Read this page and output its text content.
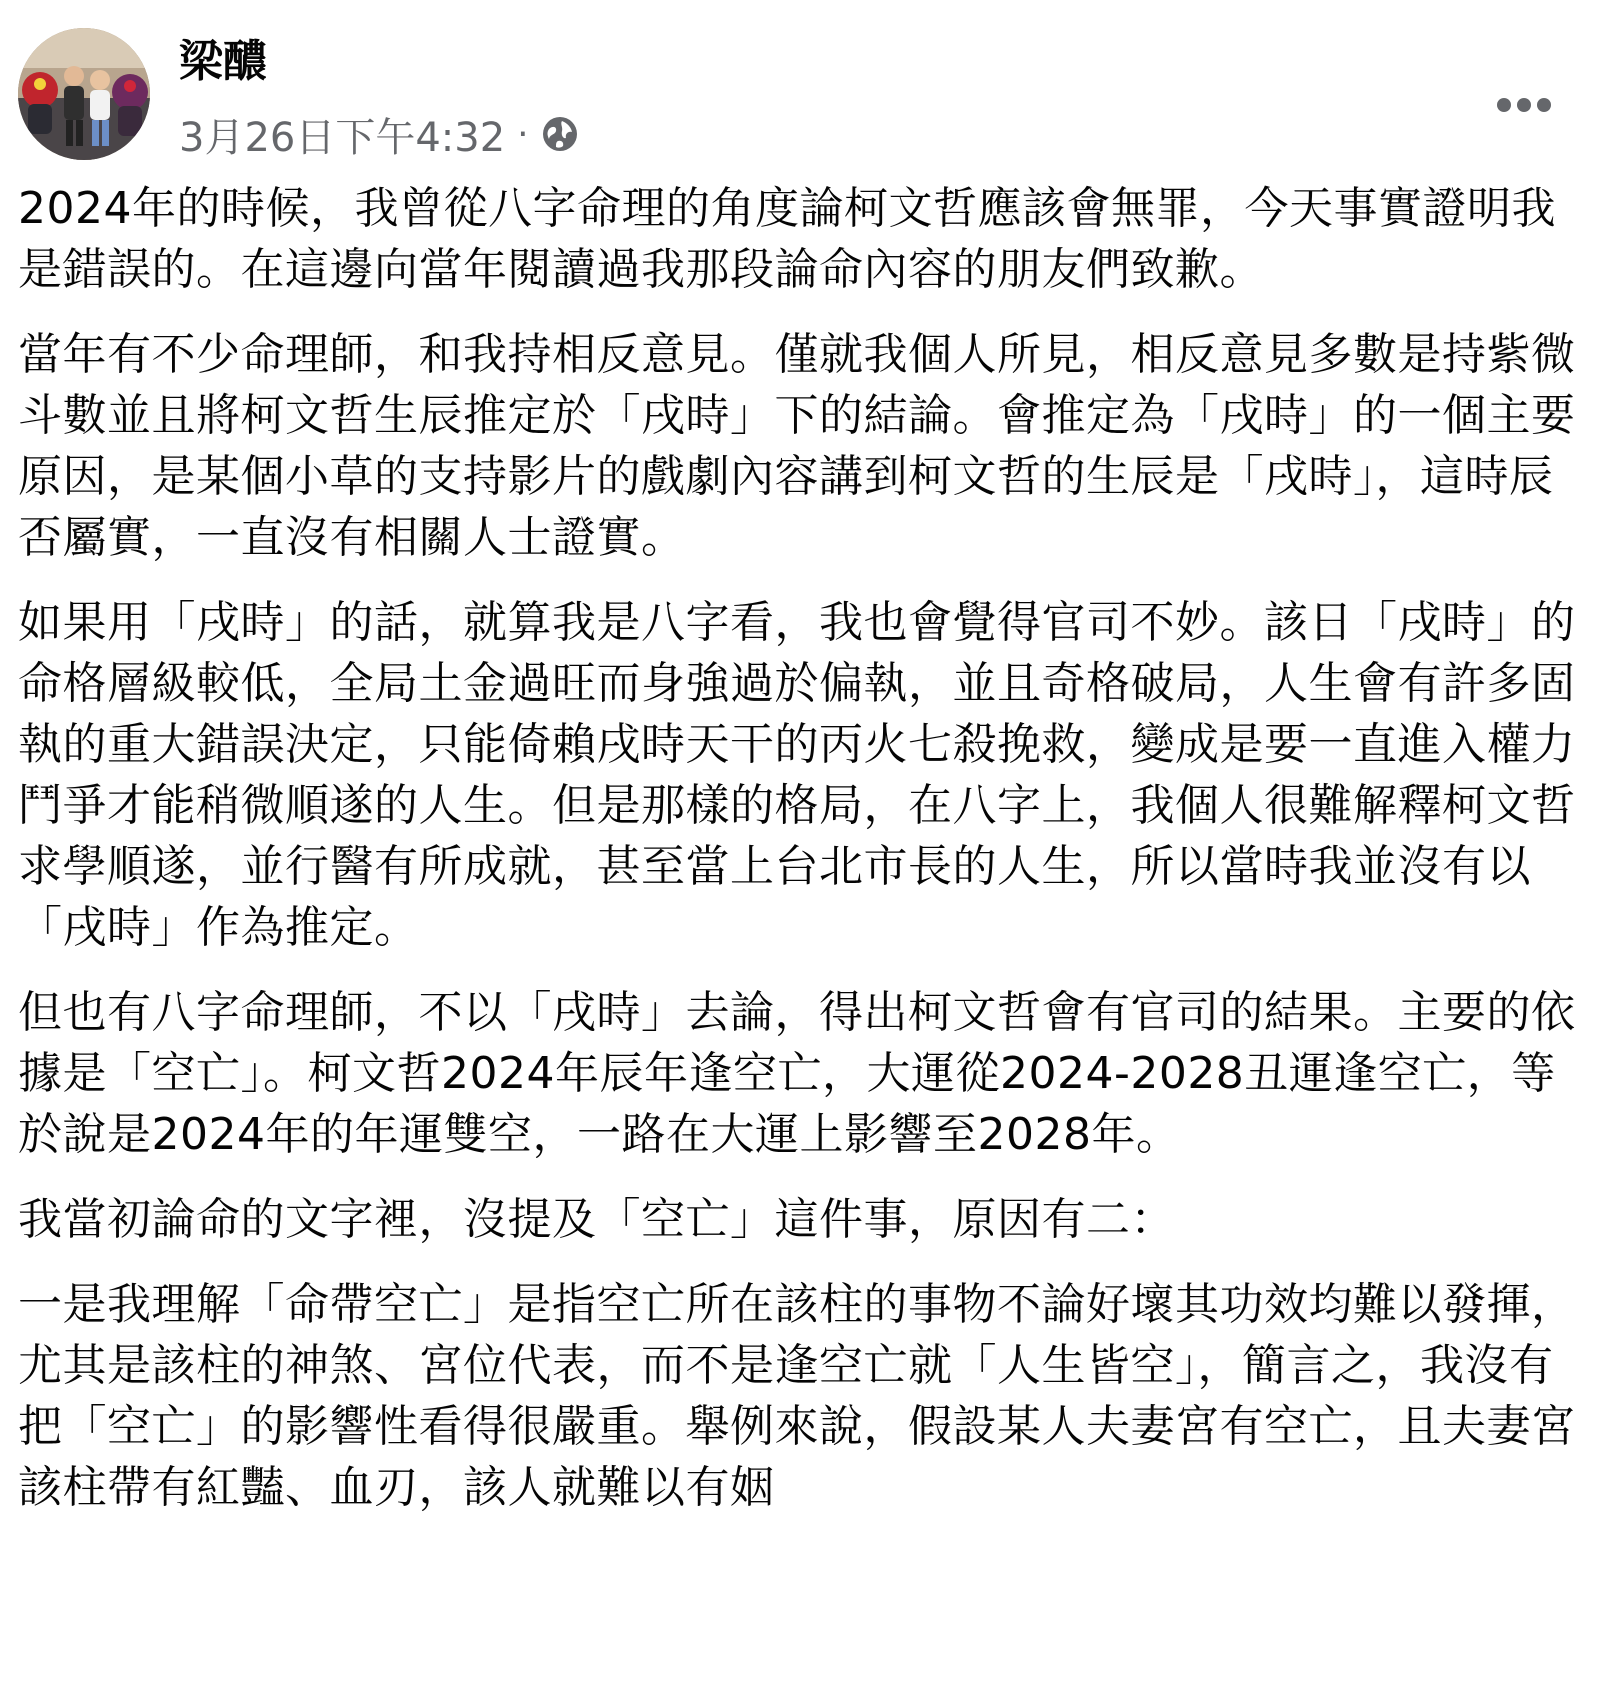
梁醲
3月26日下午4:32 ·

2024年的時候，我曾從八字命理的角度論柯文哲應該會無罪，今天事實證明我是錯誤的。在這邊向當年閱讀過我那段論命內容的朋友們致歉。

當年有不少命理師，和我持相反意見。僅就我個人所見，相反意見多數是持紫微斗數並且將柯文哲生辰推定於「戌時」下的結論。會推定為「戌時」的一個主要原因，是某個小草的支持影片的戲劇內容講到柯文哲的生辰是「戌時」，這時辰否屬實，一直沒有相關人士證實。

如果用「戌時」的話，就算我是八字看，我也會覺得官司不妙。該日「戌時」的命格層級較低，全局土金過旺而身強過於偏執，並且奇格破局，人生會有許多固執的重大錯誤決定，只能倚賴戌時天干的丙火七殺挽救，變成是要一直進入權力鬥爭才能稍微順遂的人生。但是那樣的格局，在八字上，我個人很難解釋柯文哲求學順遂，並行醫有所成就，甚至當上台北市長的人生，所以當時我並沒有以「戌時」作為推定。

但也有八字命理師，不以「戌時」去論，得出柯文哲會有官司的結果。主要的依據是「空亡」。柯文哲2024年辰年逢空亡，大運從2024-2028丑運逢空亡，等於說是2024年的年運雙空，一路在大運上影響至2028年。

我當初論命的文字裡，沒提及「空亡」這件事，原因有二：

一是我理解「命帶空亡」是指空亡所在該柱的事物不論好壞其功效均難以發揮，尤其是該柱的神煞、宮位代表，而不是逢空亡就「人生皆空」，簡言之，我沒有把「空亡」的影響性看得很嚴重。舉例來說，假設某人夫妻宮有空亡，且夫妻宮該柱帶有紅豔、血刃，該人就難以有姻
